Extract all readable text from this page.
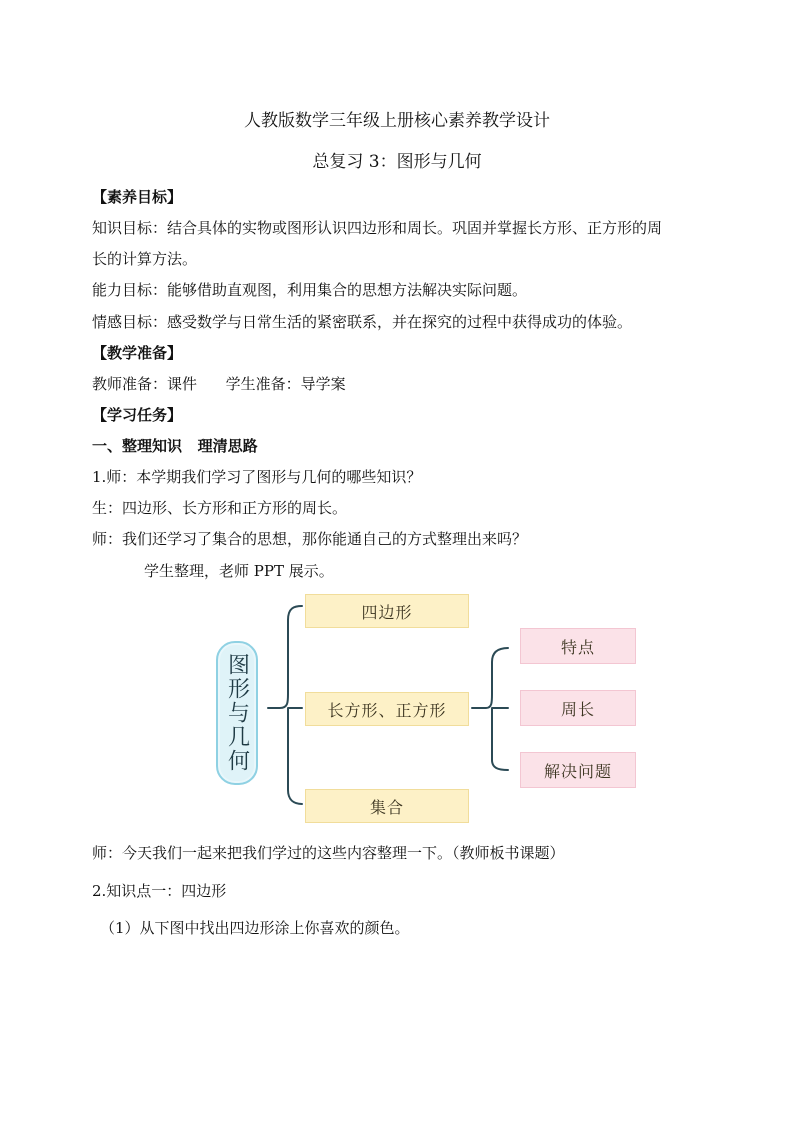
人教版数学三年级上册核心素养教学设计
总复习 3：图形与几何
【素养目标】
知识目标：结合具体的实物或图形认识四边形和周长。巩固并掌握长方形、正方形的周
长的计算方法。
能力目标：能够借助直观图，利用集合的思想方法解决实际问题。
情感目标：感受数学与日常生活的紧密联系，并在探究的过程中获得成功的体验。
【教学准备】
教师准备：课件      学生准备：导学案
【学习任务】
一、整理知识   理清思路
1.师：本学期我们学习了图形与几何的哪些知识？
生：四边形、长方形和正方形的周长。
师：我们还学习了集合的思想，那你能通自己的方式整理出来吗？
学生整理，老师 PPT 展示。
图形与几何
四边形
长方形、正方形
集合
特点
周长
解决问题
师：今天我们一起来把我们学过的这些内容整理一下。（教师板书课题）
2.知识点一：四边形
（1）从下图中找出四边形涂上你喜欢的颜色。
